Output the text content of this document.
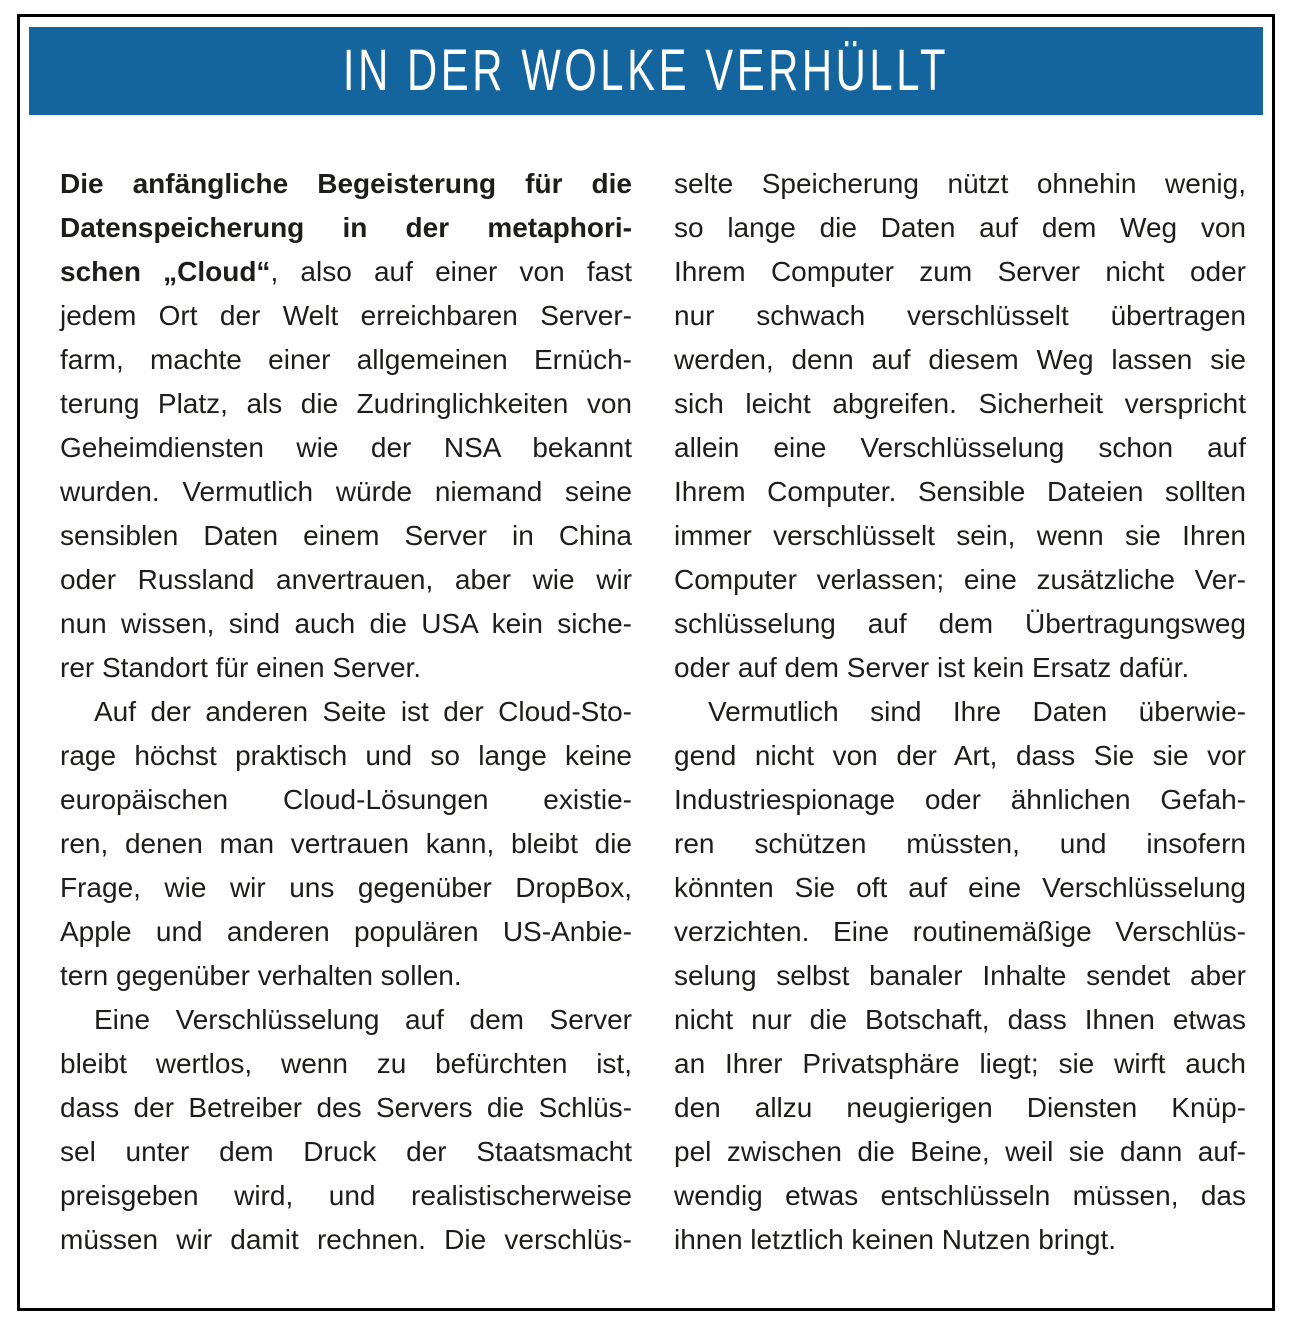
IN DER WOLKE VERHÜLLT
Die anfängliche Begeisterung für die
Datenspeicherung in der metaphori-
schen „Cloud“, also auf einer von fast
jedem Ort der Welt erreichbaren Server-
farm, machte einer allgemeinen Ernüch-
terung Platz, als die Zudringlichkeiten von
Geheimdiensten wie der NSA bekannt
wurden. Vermutlich würde niemand seine
sensiblen Daten einem Server in China
oder Russland anvertrauen, aber wie wir
nun wissen, sind auch die USA kein siche-
rer Standort für einen Server.
Auf der anderen Seite ist der Cloud-Sto-
rage höchst praktisch und so lange keine
europäischen Cloud-Lösungen existie-
ren, denen man vertrauen kann, bleibt die
Frage, wie wir uns gegenüber DropBox,
Apple und anderen populären US-Anbie-
tern gegenüber verhalten sollen.
Eine Verschlüsselung auf dem Server
bleibt wertlos, wenn zu befürchten ist,
dass der Betreiber des Servers die Schlüs-
sel unter dem Druck der Staatsmacht
preisgeben wird, und realistischerweise
müssen wir damit rechnen. Die verschlüs-
selte Speicherung nützt ohnehin wenig,
so lange die Daten auf dem Weg von
Ihrem Computer zum Server nicht oder
nur schwach verschlüsselt übertragen
werden, denn auf diesem Weg lassen sie
sich leicht abgreifen. Sicherheit verspricht
allein eine Verschlüsselung schon auf
Ihrem Computer. Sensible Dateien sollten
immer verschlüsselt sein, wenn sie Ihren
Computer verlassen; eine zusätzliche Ver-
schlüsselung auf dem Übertragungsweg
oder auf dem Server ist kein Ersatz dafür.
Vermutlich sind Ihre Daten überwie-
gend nicht von der Art, dass Sie sie vor
Industriespionage oder ähnlichen Gefah-
ren schützen müssten, und insofern
könnten Sie oft auf eine Verschlüsselung
verzichten. Eine routinemäßige Verschlüs-
selung selbst banaler Inhalte sendet aber
nicht nur die Botschaft, dass Ihnen etwas
an Ihrer Privatsphäre liegt; sie wirft auch
den allzu neugierigen Diensten Knüp-
pel zwischen die Beine, weil sie dann auf-
wendig etwas entschlüsseln müssen, das
ihnen letztlich keinen Nutzen bringt.
